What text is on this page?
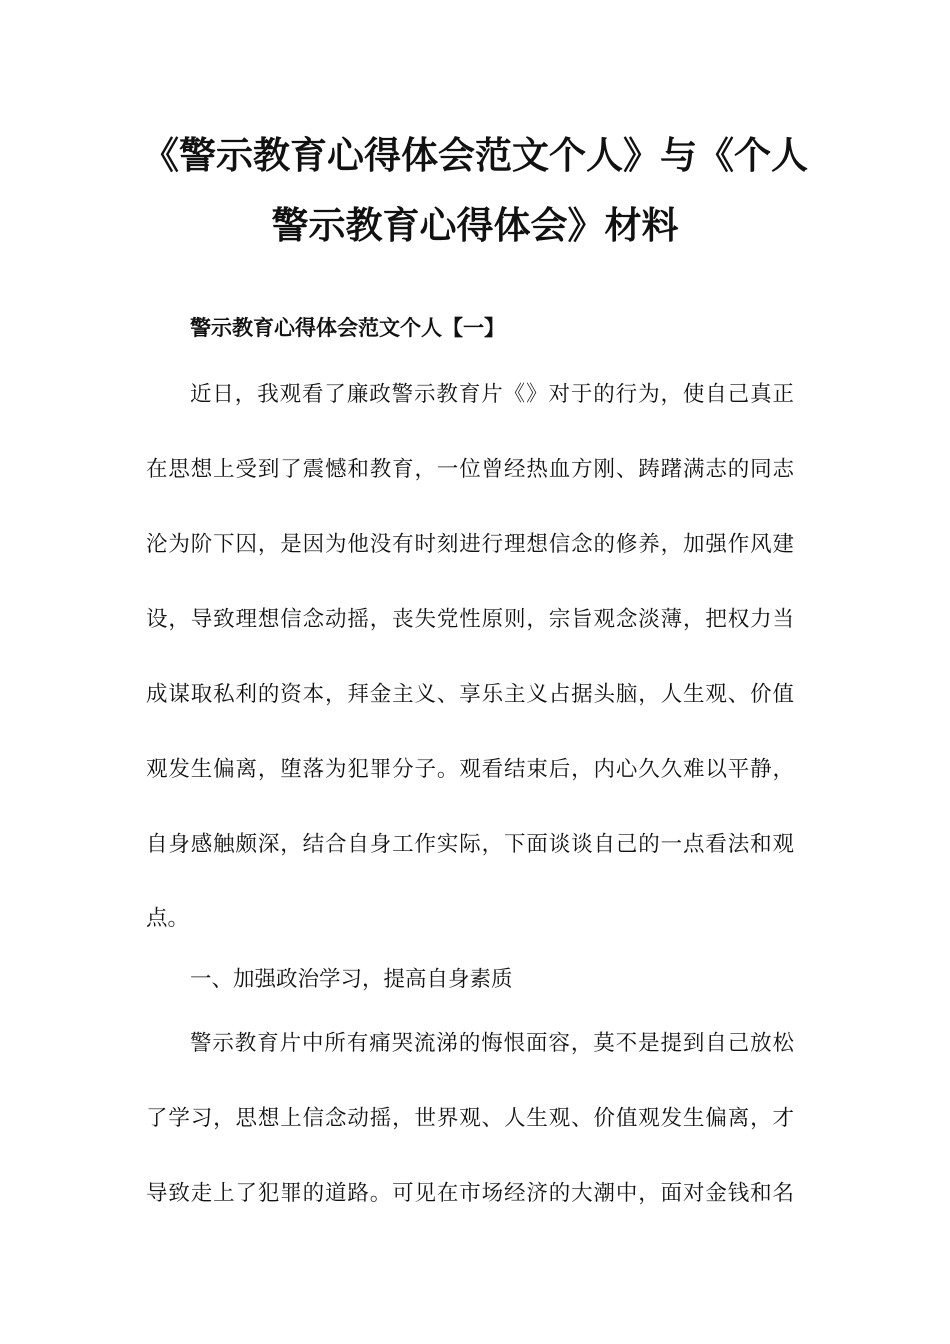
《警示教育心得体会范文个人》与《个人
警示教育心得体会》材料
警示教育心得体会范文个人【一】
近日，我观看了廉政警示教育片《》对于的行为，使自己真正
在思想上受到了震憾和教育，一位曾经热血方刚、踌躇满志的同志
沦为阶下囚，是因为他没有时刻进行理想信念的修养，加强作风建
设，导致理想信念动摇，丧失党性原则，宗旨观念淡薄，把权力当
成谋取私利的资本，拜金主义、享乐主义占据头脑，人生观、价值
观发生偏离，堕落为犯罪分子。观看结束后，内心久久难以平静，
自身感触颇深，结合自身工作实际，下面谈谈自己的一点看法和观
点。
一、加强政治学习，提高自身素质
警示教育片中所有痛哭流涕的悔恨面容，莫不是提到自己放松
了学习，思想上信念动摇，世界观、人生观、价值观发生偏离，才
导致走上了犯罪的道路。可见在市场经济的大潮中，面对金钱和名
